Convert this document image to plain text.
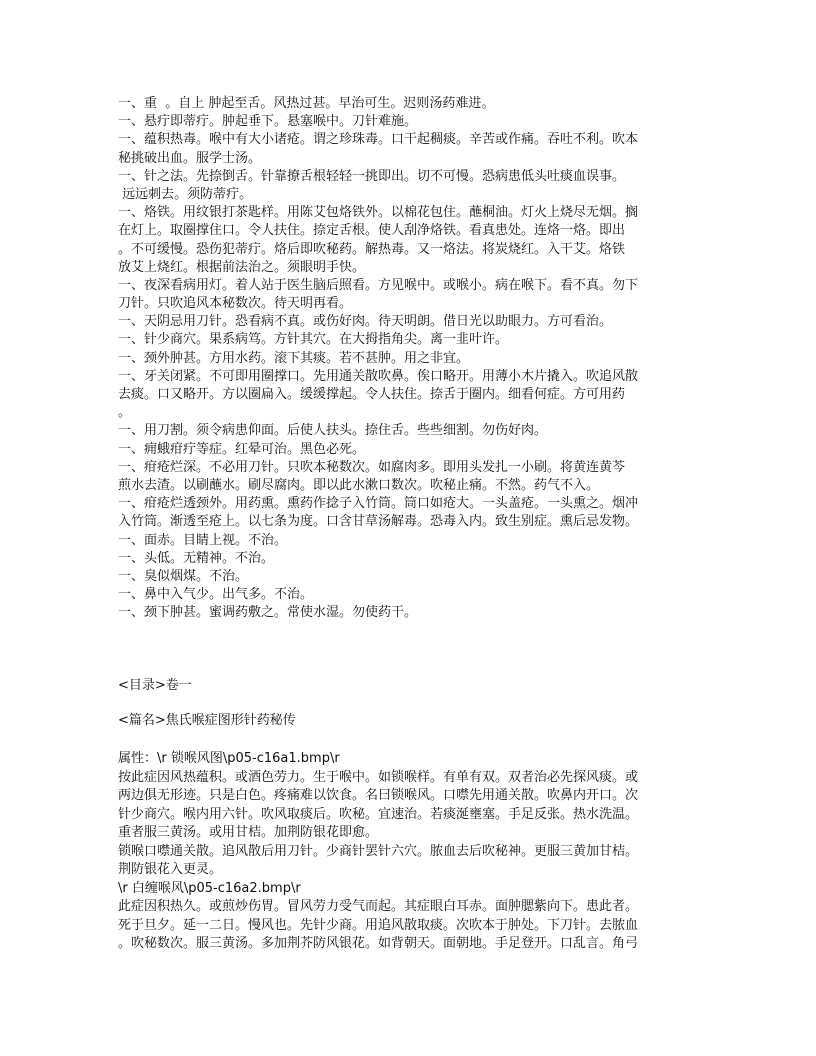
一、重  。自上 肿起至舌。风热过甚。早治可生。迟则汤药难进。
一、悬疔即蒂疔。肿起垂下。悬塞喉中。刀针难施。
一、蕴积热毒。喉中有大小诸疮。谓之珍珠毒。口干起稠痰。辛苦或作痛。吞吐不利。吹本
秘挑破出血。服学士汤。
一、针之法。先捺倒舌。针靠撩舌根轻轻一挑即出。切不可慢。恐病患低头吐痰血误事。
远远刺去。须防蒂疔。
一、烙铁。用纹银打茶匙样。用陈艾包烙铁外。以棉花包住。蘸桐油。灯火上烧尽无烟。搁
在灯上。取圈撑住口。令人扶住。捺定舌根。使人刮净烙铁。看真患处。连烙一烙。即出
。不可缓慢。恐伤犯蒂疔。烙后即吹秘药。解热毒。又一烙法。将炭烧红。入干艾。烙铁
放艾上烧红。根据前法治之。须眼明手快。
一、夜深看病用灯。着人站于医生脑后照看。方见喉中。或喉小。病在喉下。看不真。勿下
刀针。只吹追风本秘数次。待天明再看。
一、天阴忌用刀针。恐看病不真。或伤好肉。待天明朗。借日光以助眼力。方可看治。
一、针少商穴。果系病笃。方针其穴。在大拇指角尖。离一韭叶许。
一、颈外肿甚。方用水药。滚下其痰。若不甚肿。用之非宜。
一、牙关闭紧。不可即用圈撑口。先用通关散吹鼻。俟口略开。用薄小木片撬入。吹追风散
去痰。口又略开。方以圈扁入。缓缓撑起。令人扶住。捺舌于圈内。细看何症。方可用药
。
一、用刀割。须令病患仰面。后使人扶头。捺住舌。些些细割。勿伤好肉。
一、痈蛾疳疔等症。红晕可治。黑色必死。
一、疳疮烂深。不必用刀针。只吹本秘数次。如腐肉多。即用头发扎一小刷。将黄连黄芩
煎水去渣。以刷蘸水。刷尽腐肉。即以此水漱口数次。吹秘止痛。不然。药气不入。
一、疳疮烂透颈外。用药熏。熏药作捻子入竹筒。筒口如疮大。一头盖疮。一头熏之。烟冲
入竹筒。渐透至疮上。以七条为度。口含甘草汤解毒。恐毒入内。致生别症。熏后忌发物。
一、面赤。目睛上视。不治。
一、头低。无精神。不治。
一、臭似烟煤。不治。
一、鼻中入气少。出气多。不治。
一、颈下肿甚。蜜调药敷之。常使水湿。勿使药干。
<目录>卷一
<篇名>焦氏喉症图形针药秘传
属性：\r 锁喉风图\p05-c16a1.bmp\r
按此症因风热蕴积。或酒色劳力。生于喉中。如锁喉样。有单有双。双者治必先探风痰。或
两边俱无形迹。只是白色。疼痛难以饮食。名曰锁喉风。口噤先用通关散。吹鼻内开口。次
针少商穴。喉内用六针。吹风取痰后。吹秘。宜速治。若痰涎壅塞。手足反张。热水洗温。
重者服三黄汤。或用甘桔。加荆防银花即愈。
锁喉口噤通关散。追风散后用刀针。少商针罢针六穴。脓血去后吹秘神。更服三黄加甘桔。
荆防银花入更灵。
\r 白缠喉风\p05-c16a2.bmp\r
此症因积热久。或煎炒伤胃。冒风劳力受气而起。其症眼白耳赤。面肿腮紫向下。患此者。
死于旦夕。延一二日。慢风也。先针少商。用追风散取痰。次吹本于肿处。下刀针。去脓血
。吹秘数次。服三黄汤。多加荆芥防风银花。如背朝天。面朝地。手足登开。口乱言。角弓
